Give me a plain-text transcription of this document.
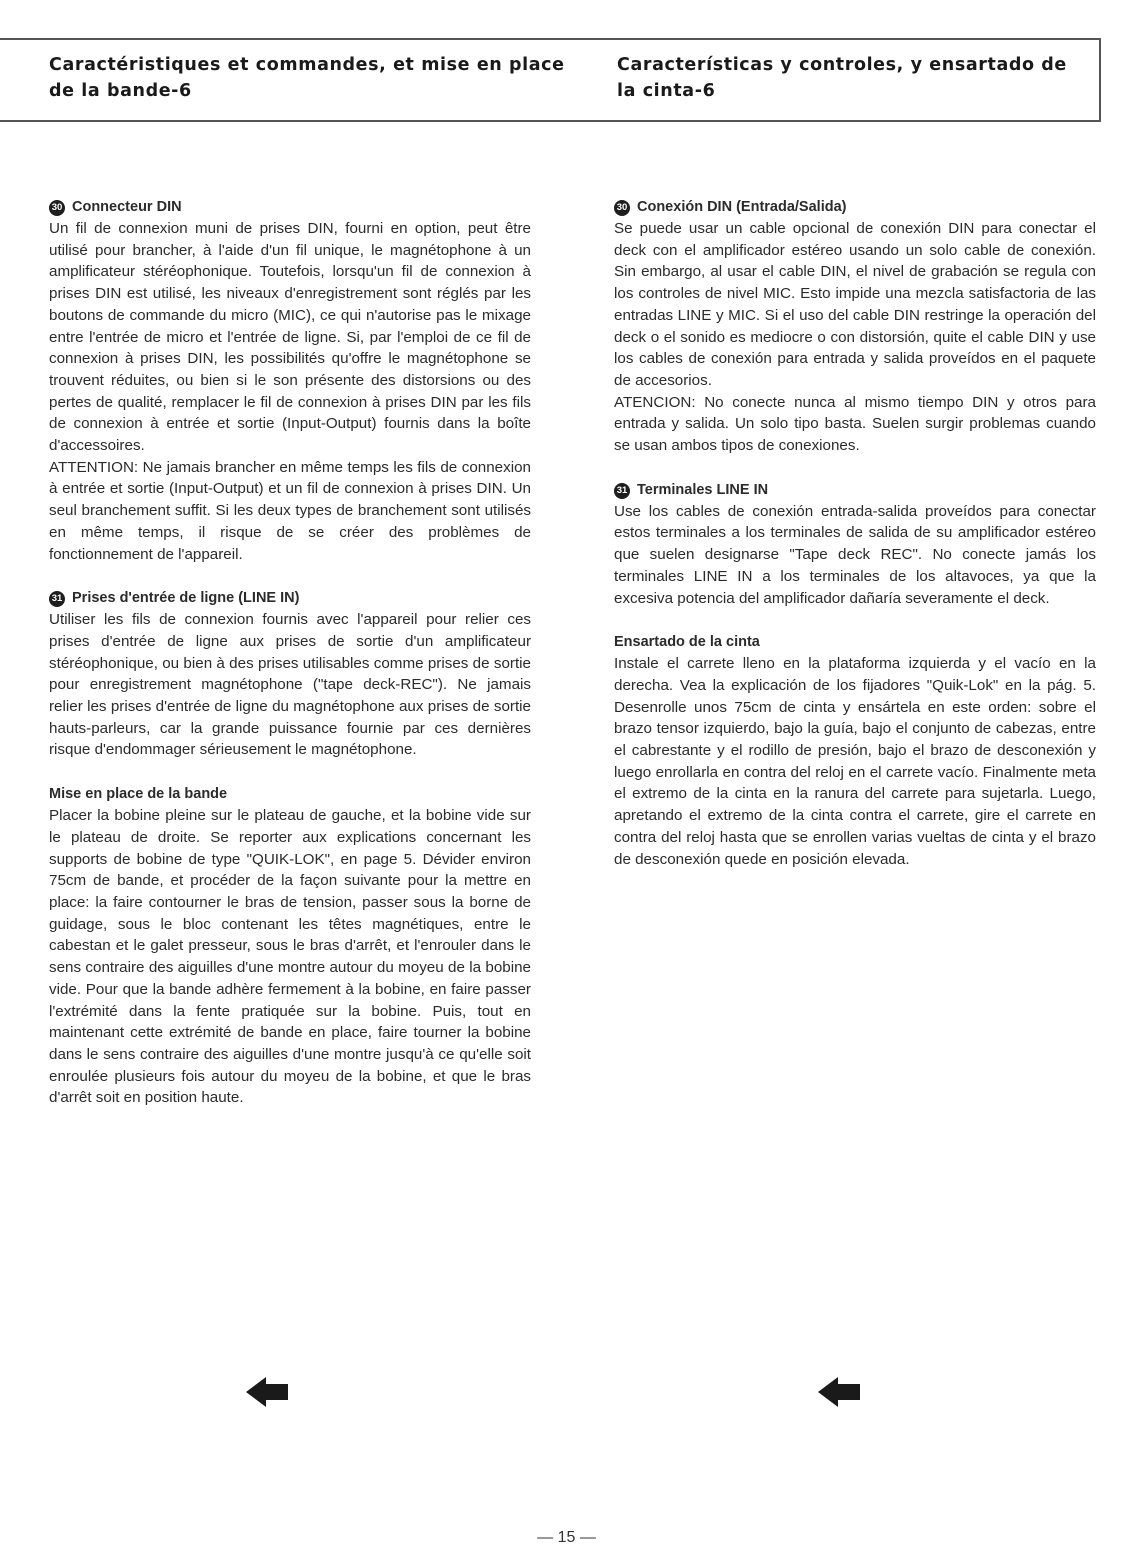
Caractéristiques et commandes, et mise en place de la bande-6
Características y controles, y ensartado de la cinta-6

30 Connecteur DIN

Un fil de connexion muni de prises DIN, fourni en option, peut être utilisé pour brancher, à l'aide d'un fil unique, le magnétophone à un amplificateur stéréophonique. Toutefois, lorsqu'un fil de connexion à prises DIN est utilisé, les niveaux d'enregistrement sont réglés par les boutons de commande du micro (MIC), ce qui n'autorise pas le mixage entre l'entrée de micro et l'entrée de ligne. Si, par l'emploi de ce fil de connexion à prises DIN, les possibilités qu'offre le magnétophone se trouvent réduites, ou bien si le son présente des distorsions ou des pertes de qualité, remplacer le fil de connexion à prises DIN par les fils de connexion à entrée et sortie (Input-Output) fournis dans la boîte d'accessoires.

ATTENTION: Ne jamais brancher en même temps les fils de connexion à entrée et sortie (Input-Output) et un fil de connexion à prises DIN. Un seul branchement suffit. Si les deux types de branchement sont utilisés en même temps, il risque de se créer des problèmes de fonctionnement de l'appareil.

31 Prises d'entrée de ligne (LINE IN)

Utiliser les fils de connexion fournis avec l'appareil pour relier ces prises d'entrée de ligne aux prises de sortie d'un amplificateur stéréophonique, ou bien à des prises utilisables comme prises de sortie pour enregistrement magnétophone ("tape deck-REC"). Ne jamais relier les prises d'entrée de ligne du magnétophone aux prises de sortie hauts-parleurs, car la grande puissance fournie par ces dernières risque d'endommager sérieusement le magnétophone.

Mise en place de la bande

Placer la bobine pleine sur le plateau de gauche, et la bobine vide sur le plateau de droite. Se reporter aux explications concernant les supports de bobine de type "QUIK-LOK", en page 5. Dévider environ 75cm de bande, et procéder de la façon suivante pour la mettre en place: la faire contourner le bras de tension, passer sous la borne de guidage, sous le bloc contenant les têtes magnétiques, entre le cabestan et le galet presseur, sous le bras d'arrêt, et l'enrouler dans le sens contraire des aiguilles d'une montre autour du moyeu de la bobine vide. Pour que la bande adhère fermement à la bobine, en faire passer l'extrémité dans la fente pratiquée sur la bobine. Puis, tout en maintenant cette extrémité de bande en place, faire tourner la bobine dans le sens contraire des aiguilles d'une montre jusqu'à ce qu'elle soit enroulée plusieurs fois autour du moyeu de la bobine, et que le bras d'arrêt soit en position haute.

30 Conexión DIN (Entrada/Salida)

Se puede usar un cable opcional de conexión DIN para conectar el deck con el amplificador estéreo usando un solo cable de conexión. Sin embargo, al usar el cable DIN, el nivel de grabación se regula con los controles de nivel MIC. Esto impide una mezcla satisfactoria de las entradas LINE y MIC. Si el uso del cable DIN restringe la operación del deck o el sonido es mediocre o con distorsión, quite el cable DIN y use los cables de conexión para entrada y salida proveídos en el paquete de accesorios.

ATENCION: No conecte nunca al mismo tiempo DIN y otros para entrada y salida. Un solo tipo basta. Suelen surgir problemas cuando se usan ambos tipos de conexiones.

31 Terminales LINE IN

Use los cables de conexión entrada-salida proveídos para conectar estos terminales a los terminales de salida de su amplificador estéreo que suelen designarse "Tape deck REC". No conecte jamás los terminales LINE IN a los terminales de los altavoces, ya que la excesiva potencia del amplificador dañaría severamente el deck.

Ensartado de la cinta

Instale el carrete lleno en la plataforma izquierda y el vacío en la derecha. Vea la explicación de los fijadores "Quik-Lok" en la pág. 5. Desenrolle unos 75cm de cinta y ensártela en este orden: sobre el brazo tensor izquierdo, bajo la guía, bajo el conjunto de cabezas, entre el cabrestante y el rodillo de presión, bajo el brazo de desconexión y luego enrollarla en contra del reloj en el carrete vacío. Finalmente meta el extremo de la cinta en la ranura del carrete para sujetarla. Luego, apretando el extremo de la cinta contra el carrete, gire el carrete en contra del reloj hasta que se enrollen varias vueltas de cinta y el brazo de desconexión quede en posición elevada.

— 15 —
